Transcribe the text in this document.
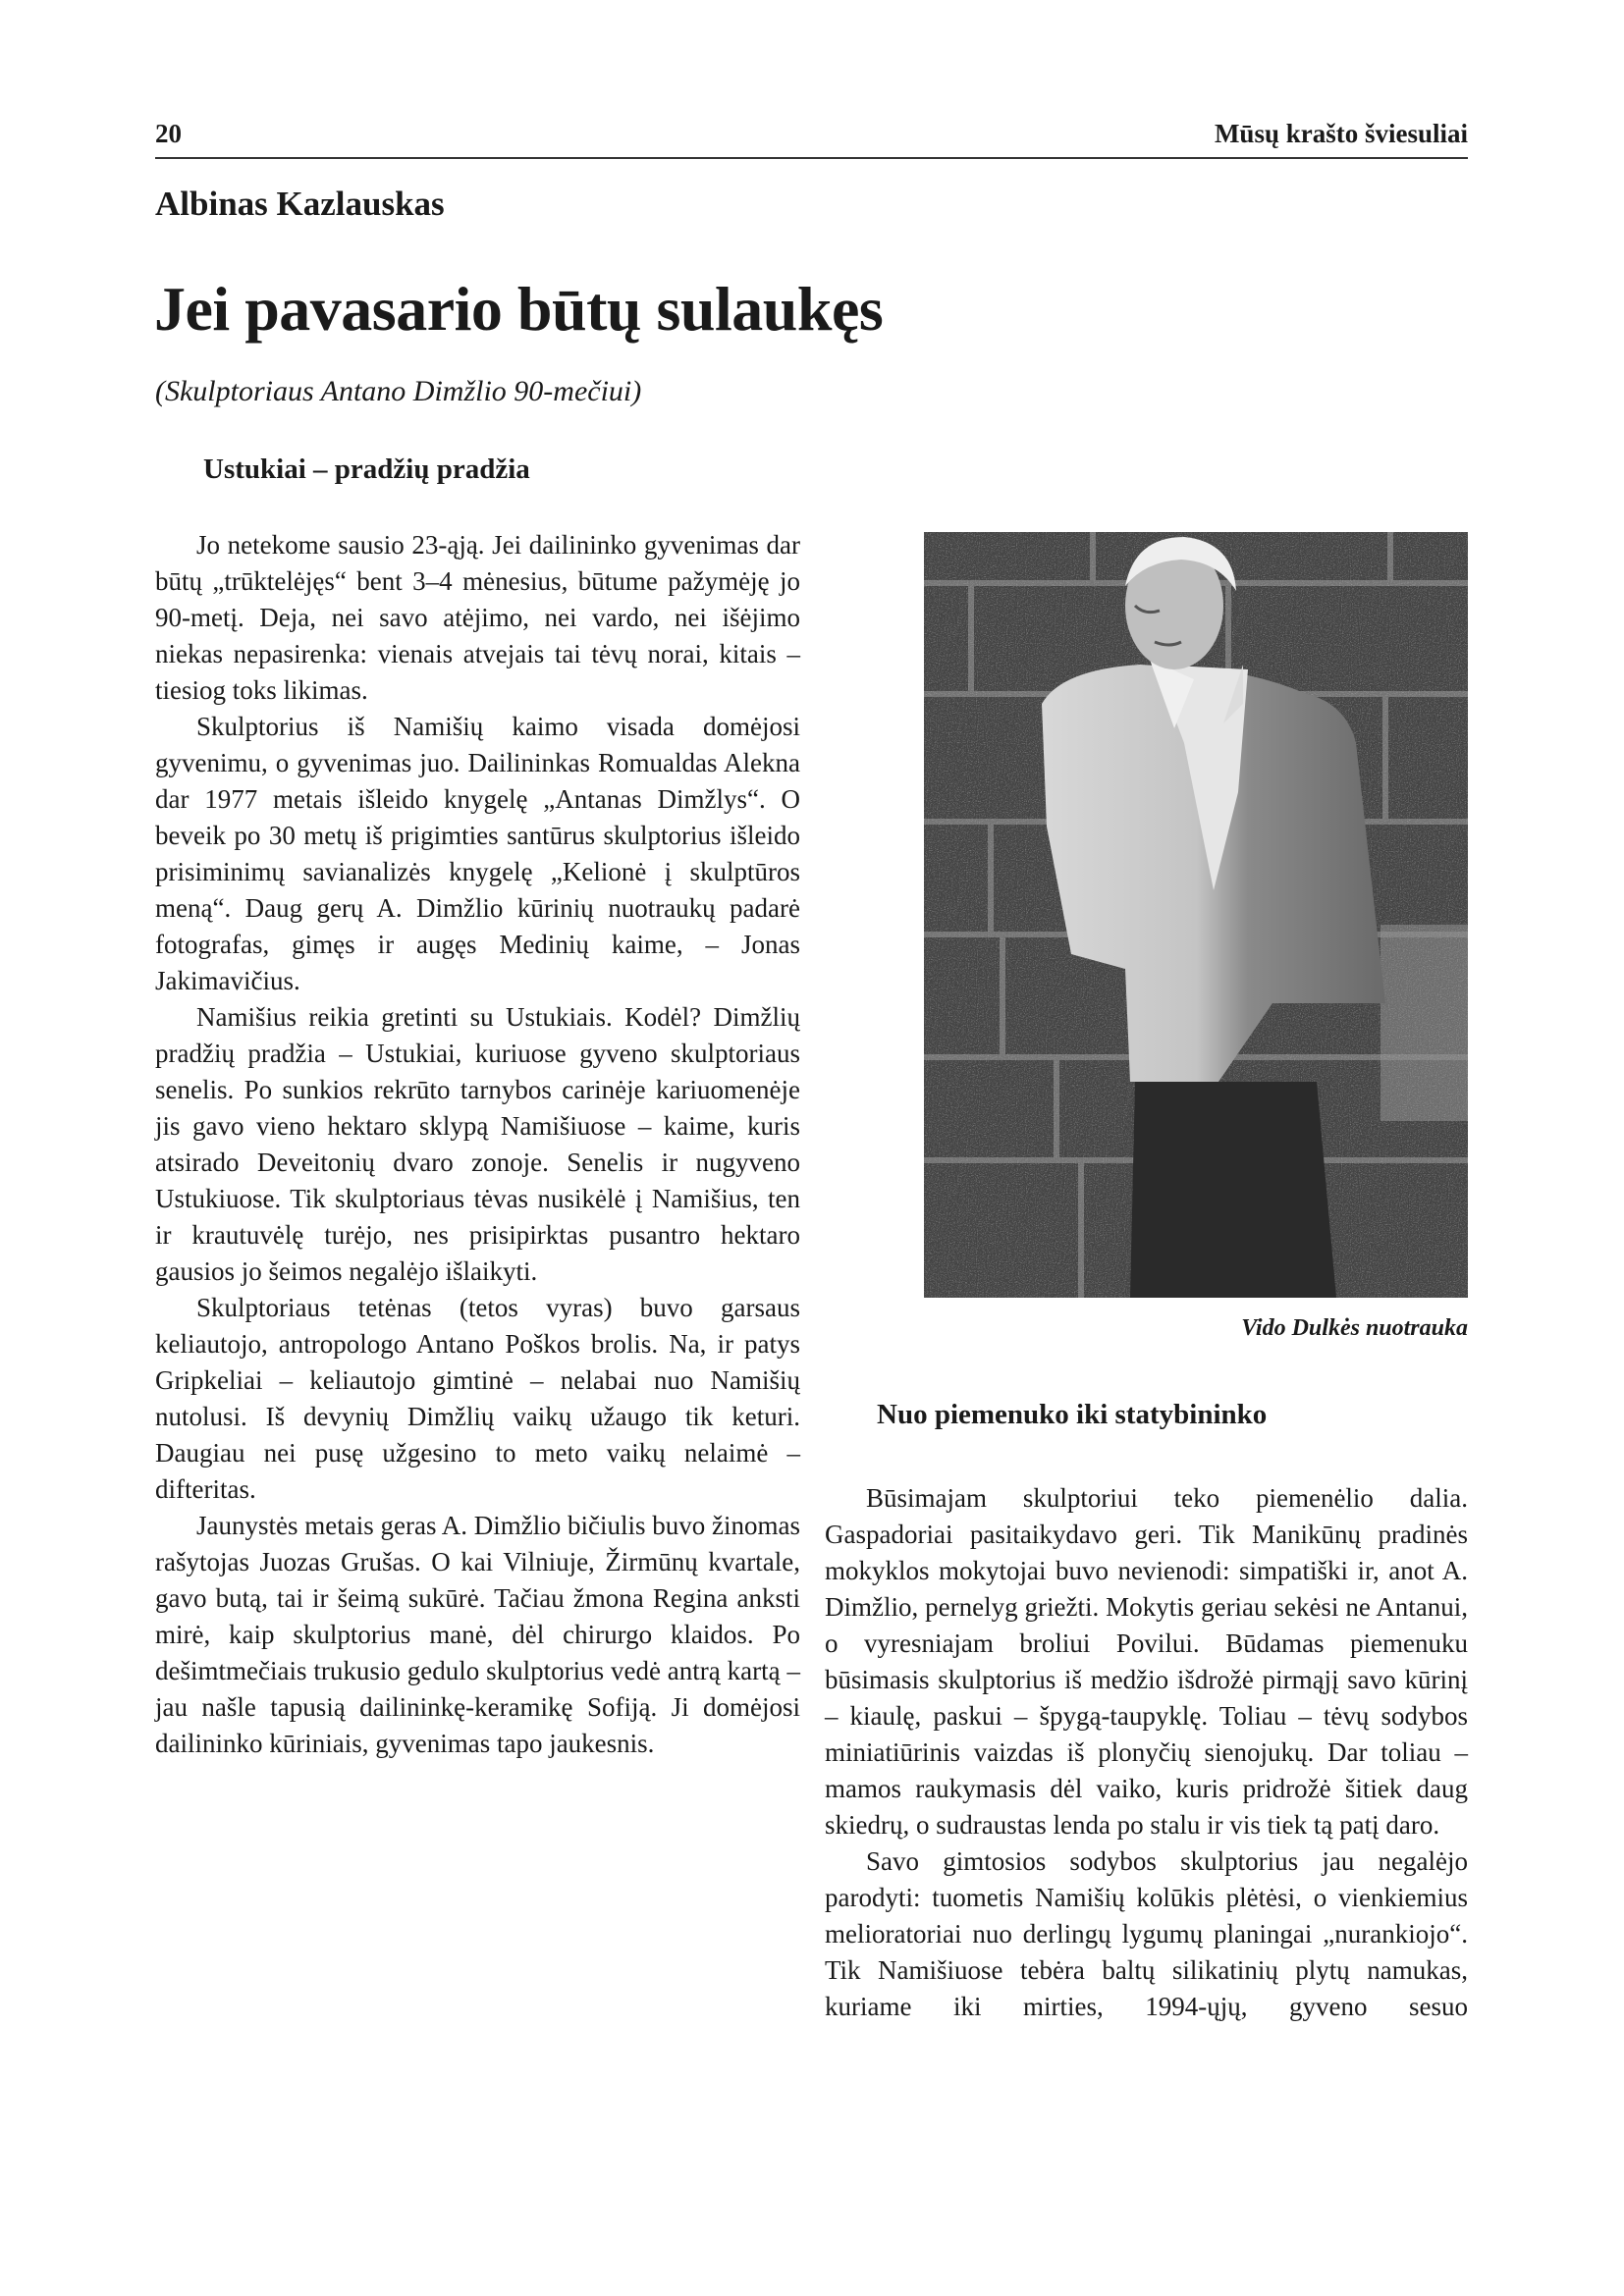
20	Mūsų krašto šviesuliai
Albinas Kazlauskas
Jei pavasario būtų sulaukęs
(Skulptoriaus Antano Dimžlio 90-mečiui)
Ustukiai – pradžių pradžia

Jo netekome sausio 23-ąją. Jei dailininko gyvenimas dar būtų „trūktelėjęs“ bent 3–4 mėnesius, būtume pažymėję jo 90-metį. Deja, nei savo atėjimo, nei vardo, nei išėjimo niekas nepasirenka: vienais atvejais tai tėvų norai, kitais – tiesiog toks likimas.

Skulptorius iš Namišių kaimo visada domėjosi gyvenimu, o gyvenimas juo. Dailininkas Romualdas Alekna dar 1977 metais išleido knygelę „Antanas Dimžlys“. O beveik po 30 metų iš prigimties santūrus skulptorius išleido prisiminimų savianalizės knygelę „Kelionė į skulptūros meną“. Daug gerų A. Dimžlio kūrinių nuotraukų padarė fotografas, gimęs ir augęs Medinių kaime, – Jonas Jakimavičius.

Namišius reikia gretinti su Ustukiais. Kodėl? Dimžlių pradžių pradžia – Ustukiai, kuriuose gyveno skulptoriaus senelis. Po sunkios rekrūto tarnybos carinėje kariuomenėje jis gavo vieno hektaro sklypą Namišiuose – kaime, kuris atsirado Deveitonių dvaro zonoje. Senelis ir nugyveno Ustukiuose. Tik skulptoriaus tėvas nusikėlė į Namišius, ten ir krautuvėlę turėjo, nes prisipirktas pusantro hektaro gausios jo šeimos negalėjo išlaikyti.

Skulptoriaus tetėnas (tetos vyras) buvo garsaus keliautojo, antropologo Antano Poškos brolis. Na, ir patys Gripkeliai – keliautojo gimtinė – nelabai nuo Namišių nutolusi. Iš devynių Dimžlių vaikų užaugo tik keturi. Daugiau nei pusę užgesino to meto vaikų nelaimė – difteritas.

Jaunystės metais geras A. Dimžlio bičiulis buvo žinomas rašytojas Juozas Grušas. O kai Vilniuje, Žirmūnų kvartale, gavo butą, tai ir šeimą sukūrė. Tačiau žmona Regina anksti mirė, kaip skulptorius manė, dėl chirurgo klaidos. Po dešimtmečiais trukusio gedulo skulptorius vedė antrą kartą – jau našle tapusią dailininkę-keramikę Sofiją. Ji domėjosi dailininko kūriniais, gyvenimas tapo jaukesnis.

Vido Dulkės nuotrauka
Nuo piemenuko iki statybininko

Būsimajam skulptoriui teko piemenėlio dalia. Gaspadoriai pasitaikydavo geri. Tik Manikūnų pradinės mokyklos mokytojai buvo nevienodi: simpatiški ir, anot A. Dimžlio, pernelyg griežti. Mokytis geriau sekėsi ne Antanui, o vyresniajam broliui Povilui. Būdamas piemenuku būsimasis skulptorius iš medžio išdrožė pirmąjį savo kūrinį – kiaulę, paskui – špygą-taupyklę. Toliau – tėvų sodybos miniatiūrinis vaizdas iš plonyčių sienojukų. Dar toliau – mamos raukymasis dėl vaiko, kuris pridrožė šitiek daug skiedrų, o sudraustas lenda po stalu ir vis tiek tą patį daro.

Savo gimtosios sodybos skulptorius jau negalėjo parodyti: tuometis Namišių kolūkis plėtėsi, o vienkiemius melioratoriai nuo derlingų lygumų planingai „nurankiojo“. Tik Namišiuose tebėra baltų silikatinių plytų namukas, kuriame iki mirties, 1994-ųjų, gyveno sesuo
